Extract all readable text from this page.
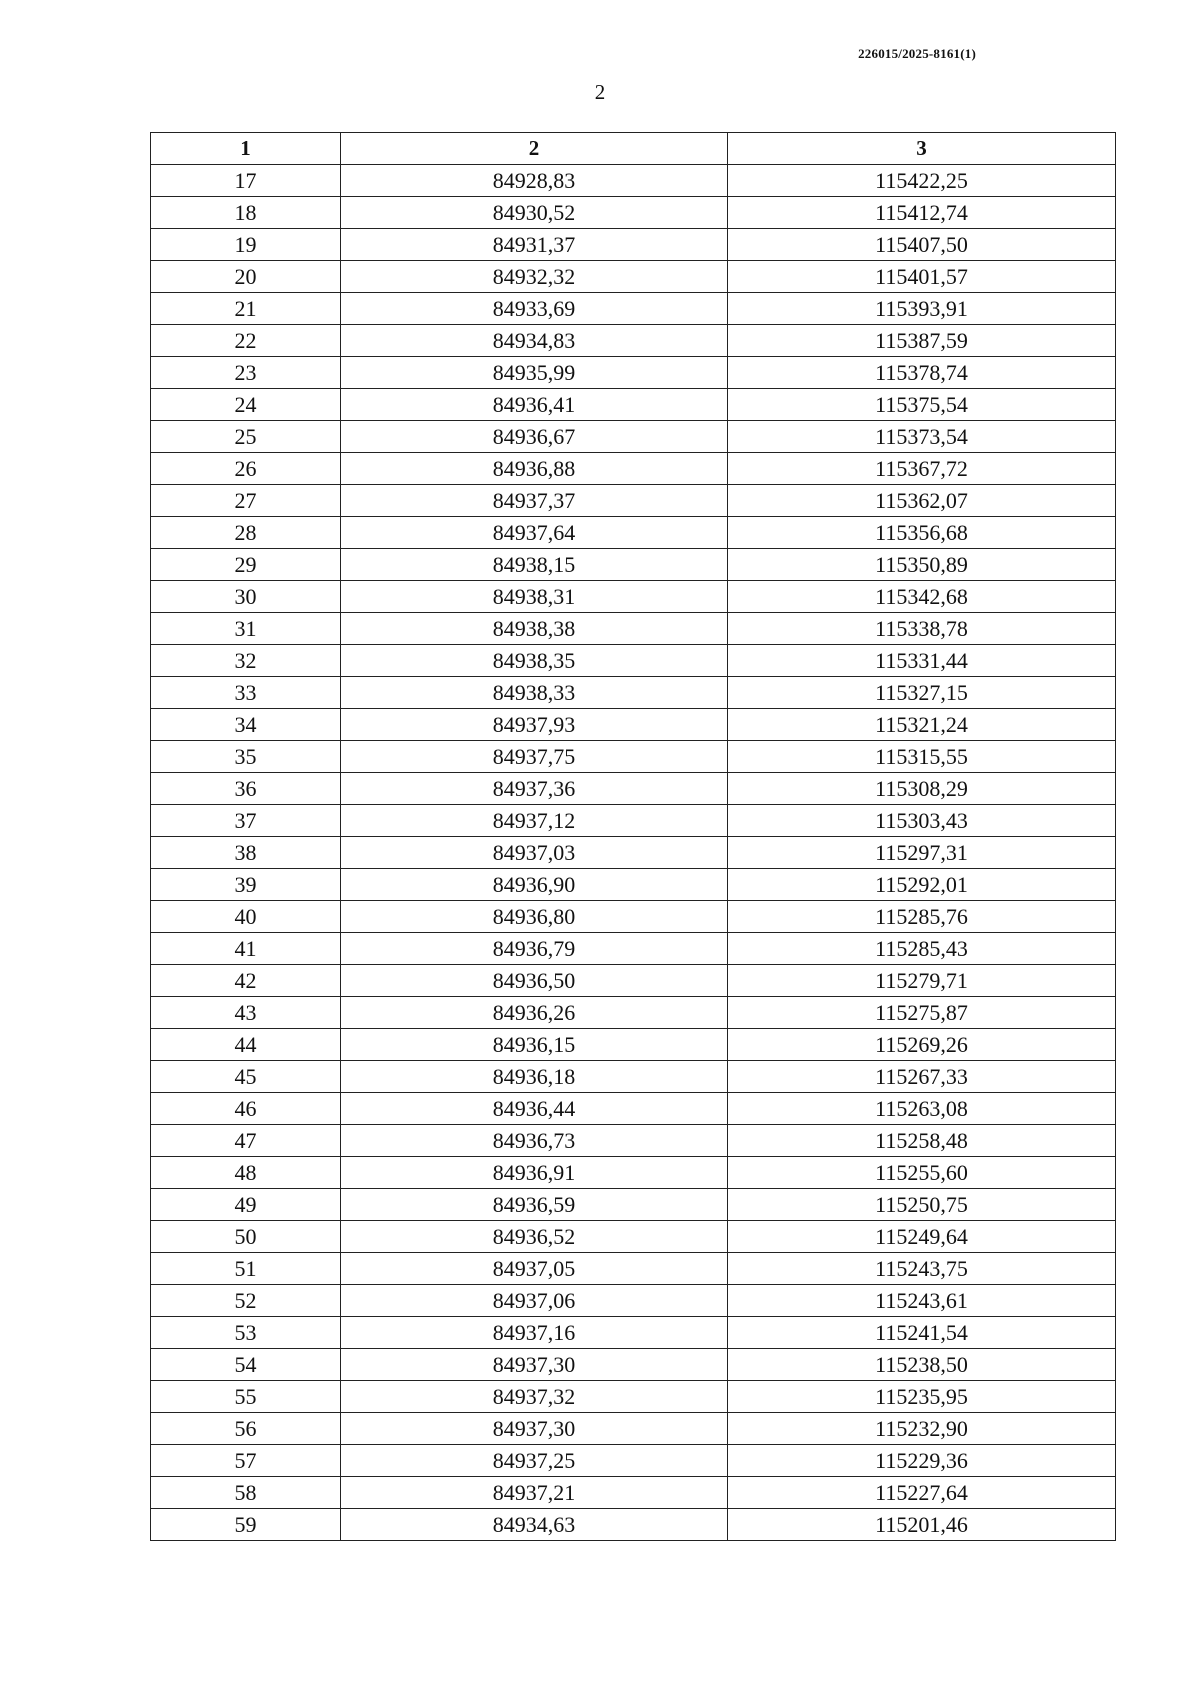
226015/2025-8161(1)
2
1	2	3
17	84928,83	115422,25
18	84930,52	115412,74
19	84931,37	115407,50
20	84932,32	115401,57
21	84933,69	115393,91
22	84934,83	115387,59
23	84935,99	115378,74
24	84936,41	115375,54
25	84936,67	115373,54
26	84936,88	115367,72
27	84937,37	115362,07
28	84937,64	115356,68
29	84938,15	115350,89
30	84938,31	115342,68
31	84938,38	115338,78
32	84938,35	115331,44
33	84938,33	115327,15
34	84937,93	115321,24
35	84937,75	115315,55
36	84937,36	115308,29
37	84937,12	115303,43
38	84937,03	115297,31
39	84936,90	115292,01
40	84936,80	115285,76
41	84936,79	115285,43
42	84936,50	115279,71
43	84936,26	115275,87
44	84936,15	115269,26
45	84936,18	115267,33
46	84936,44	115263,08
47	84936,73	115258,48
48	84936,91	115255,60
49	84936,59	115250,75
50	84936,52	115249,64
51	84937,05	115243,75
52	84937,06	115243,61
53	84937,16	115241,54
54	84937,30	115238,50
55	84937,32	115235,95
56	84937,30	115232,90
57	84937,25	115229,36
58	84937,21	115227,64
59	84934,63	115201,46
